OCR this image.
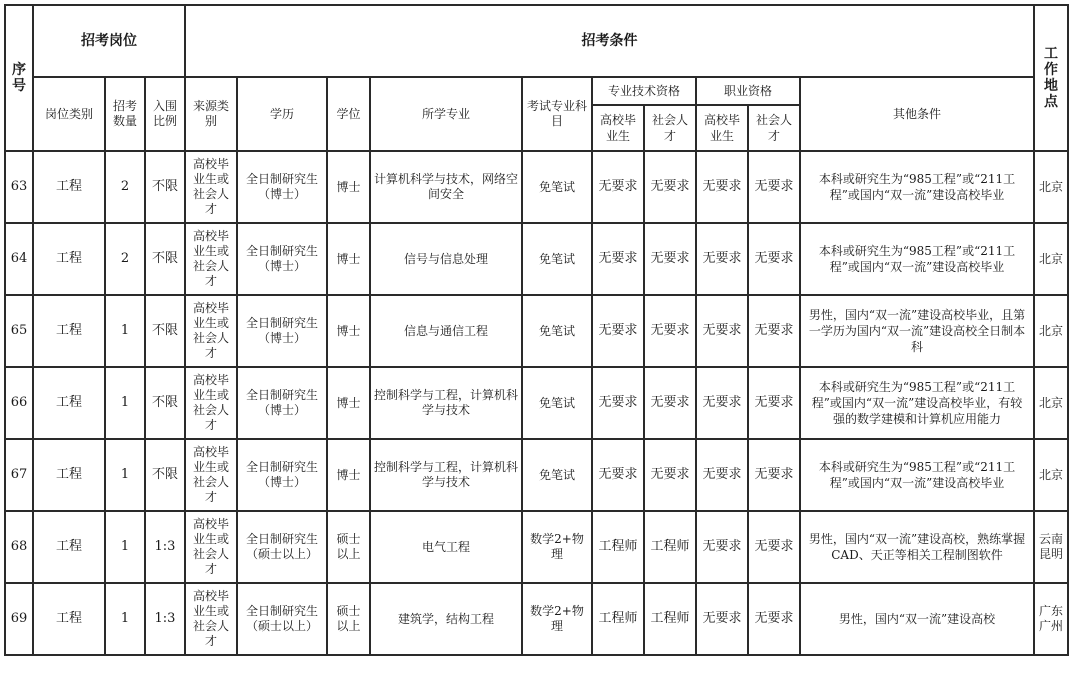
序号	招考岗位			招考条件										工作地点
	岗位类别	招考数量	入围比例	来源类别	学历	学位	所学专业	考试专业科目	专业技术资格		职业资格		其他条件	
									高校毕业生	社会人才	高校毕业生	社会人才		
63	工程	2	不限	高校毕业生或社会人才	全日制研究生（博士）	博士	计算机科学与技术，网络空间安全	免笔试	无要求	无要求	无要求	无要求	本科或研究生为“985工程”或“211工程”或国内“双一流”建设高校毕业	北京
64	工程	2	不限	高校毕业生或社会人才	全日制研究生（博士）	博士	信号与信息处理	免笔试	无要求	无要求	无要求	无要求	本科或研究生为“985工程”或“211工程”或国内“双一流”建设高校毕业	北京
65	工程	1	不限	高校毕业生或社会人才	全日制研究生（博士）	博士	信息与通信工程	免笔试	无要求	无要求	无要求	无要求	男性，国内“双一流”建设高校毕业，且第一学历为国内“双一流”建设高校全日制本科	北京
66	工程	1	不限	高校毕业生或社会人才	全日制研究生（博士）	博士	控制科学与工程，计算机科学与技术	免笔试	无要求	无要求	无要求	无要求	本科或研究生为“985工程”或“211工程”或国内“双一流”建设高校毕业，有较强的数学建模和计算机应用能力	北京
67	工程	1	不限	高校毕业生或社会人才	全日制研究生（博士）	博士	控制科学与工程，计算机科学与技术	免笔试	无要求	无要求	无要求	无要求	本科或研究生为“985工程”或“211工程”或国内“双一流”建设高校毕业	北京
68	工程	1	1:3	高校毕业生或社会人才	全日制研究生（硕士以上）	硕士以上	电气工程	数学2+物理	工程师	工程师	无要求	无要求	男性，国内“双一流”建设高校，熟练掌握CAD、天正等相关工程制图软件	云南昆明
69	工程	1	1:3	高校毕业生或社会人才	全日制研究生（硕士以上）	硕士以上	建筑学，结构工程	数学2+物理	工程师	工程师	无要求	无要求	男性，国内“双一流”建设高校	广东广州
